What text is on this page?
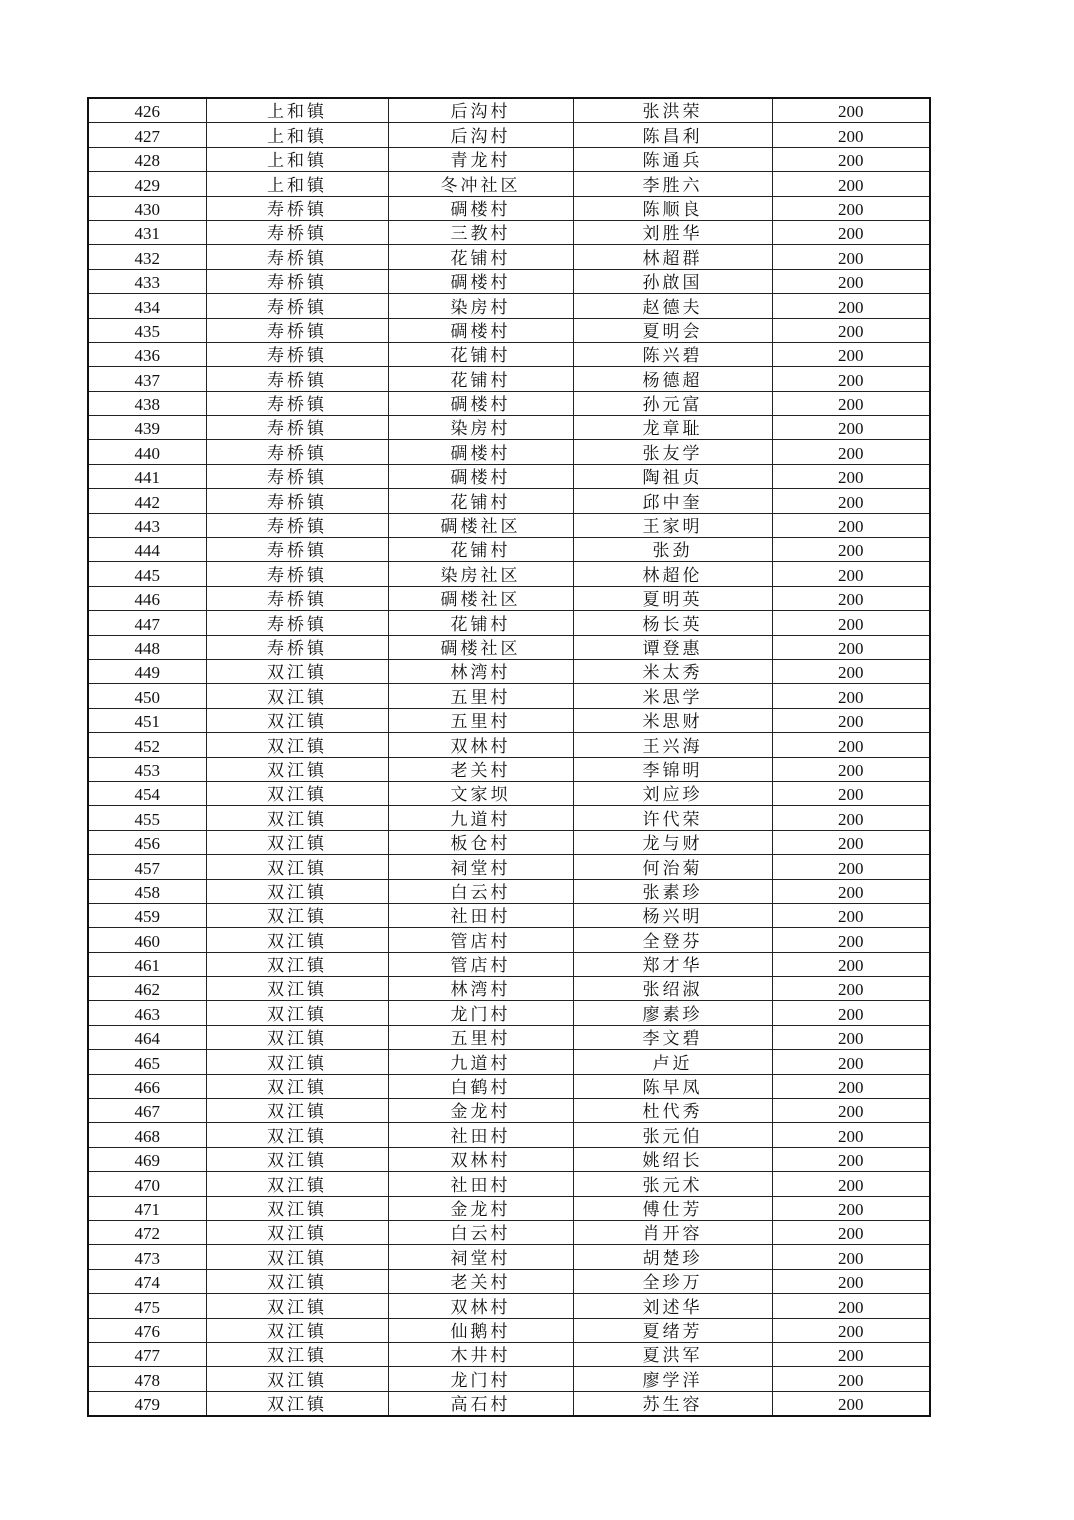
426	上和镇	后沟村	张洪荣	200
427	上和镇	后沟村	陈昌利	200
428	上和镇	青龙村	陈通兵	200
429	上和镇	冬冲社区	李胜六	200
430	寿桥镇	碉楼村	陈顺良	200
431	寿桥镇	三教村	刘胜华	200
432	寿桥镇	花铺村	林超群	200
433	寿桥镇	碉楼村	孙啟国	200
434	寿桥镇	染房村	赵德夫	200
435	寿桥镇	碉楼村	夏明会	200
436	寿桥镇	花铺村	陈兴碧	200
437	寿桥镇	花铺村	杨德超	200
438	寿桥镇	碉楼村	孙元富	200
439	寿桥镇	染房村	龙章耻	200
440	寿桥镇	碉楼村	张友学	200
441	寿桥镇	碉楼村	陶祖贞	200
442	寿桥镇	花铺村	邱中奎	200
443	寿桥镇	碉楼社区	王家明	200
444	寿桥镇	花铺村	张劲	200
445	寿桥镇	染房社区	林超伦	200
446	寿桥镇	碉楼社区	夏明英	200
447	寿桥镇	花铺村	杨长英	200
448	寿桥镇	碉楼社区	谭登惠	200
449	双江镇	林湾村	米太秀	200
450	双江镇	五里村	米思学	200
451	双江镇	五里村	米思财	200
452	双江镇	双林村	王兴海	200
453	双江镇	老关村	李锦明	200
454	双江镇	文家坝	刘应珍	200
455	双江镇	九道村	许代荣	200
456	双江镇	板仓村	龙与财	200
457	双江镇	祠堂村	何治菊	200
458	双江镇	白云村	张素珍	200
459	双江镇	社田村	杨兴明	200
460	双江镇	管店村	全登芬	200
461	双江镇	管店村	郑才华	200
462	双江镇	林湾村	张绍淑	200
463	双江镇	龙门村	廖素珍	200
464	双江镇	五里村	李文碧	200
465	双江镇	九道村	卢近	200
466	双江镇	白鹤村	陈早凤	200
467	双江镇	金龙村	杜代秀	200
468	双江镇	社田村	张元伯	200
469	双江镇	双林村	姚绍长	200
470	双江镇	社田村	张元术	200
471	双江镇	金龙村	傅仕芳	200
472	双江镇	白云村	肖开容	200
473	双江镇	祠堂村	胡楚珍	200
474	双江镇	老关村	全珍万	200
475	双江镇	双林村	刘述华	200
476	双江镇	仙鹅村	夏绪芳	200
477	双江镇	木井村	夏洪军	200
478	双江镇	龙门村	廖学洋	200
479	双江镇	高石村	苏生容	200
